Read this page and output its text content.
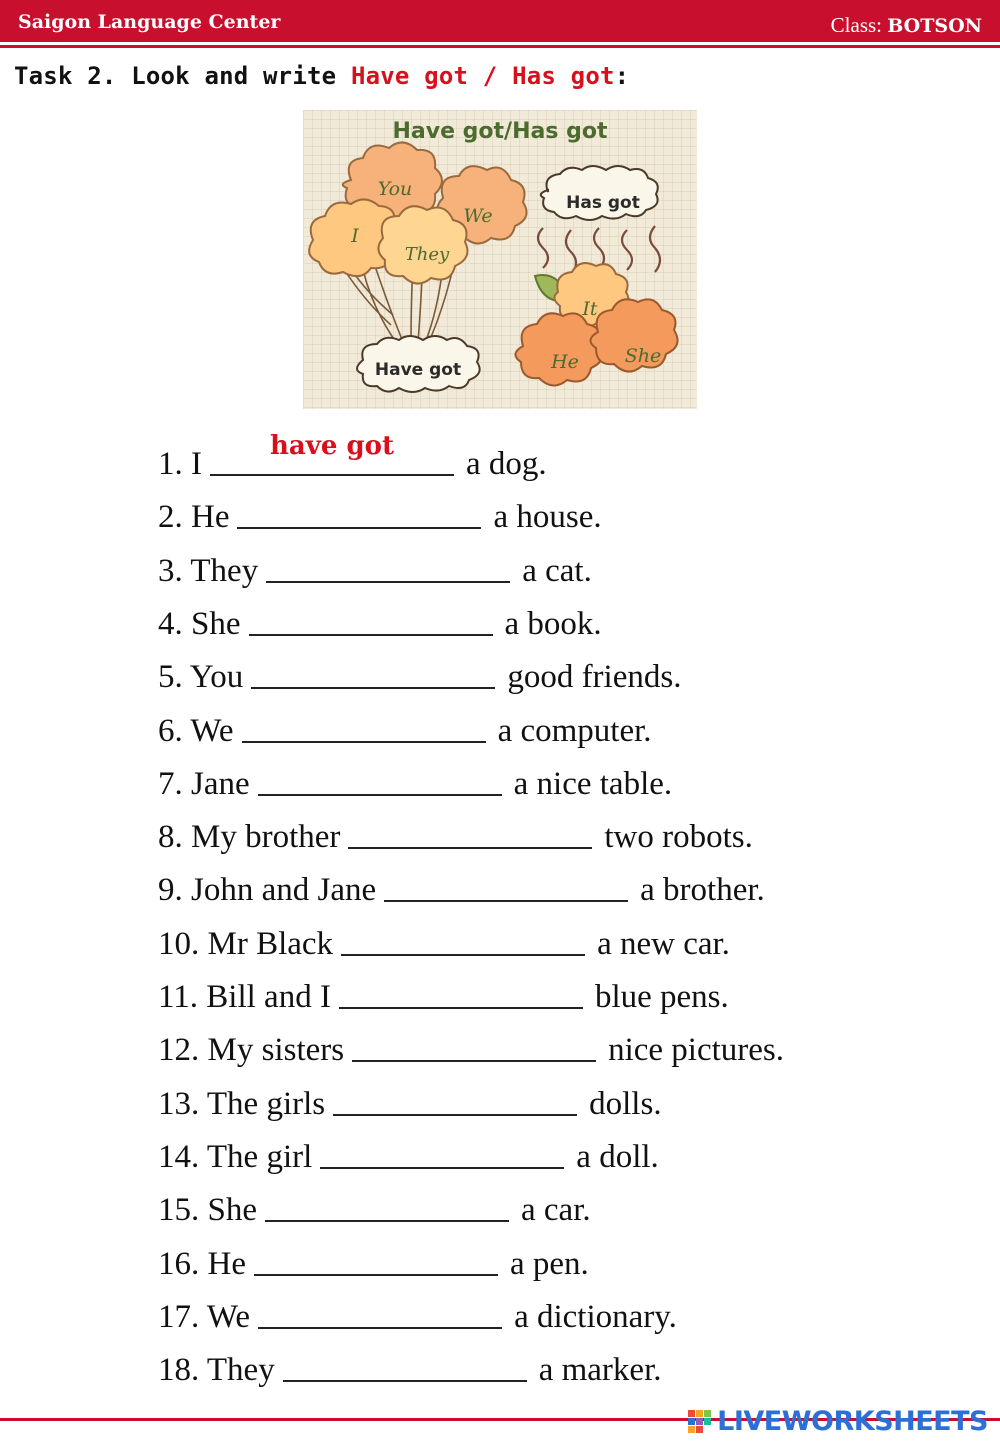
Saigon Language Center	Class: BOTSON
Task 2. Look and write Have got / Has got:
Have got/Has got
You
We
I
They
Have got
Has got
It
He She
1. I	have got	a dog.
2. He	a house.
3. They	a cat.
4. She	a book.
5. You	good friends.
6. We	a computer.
7. Jane	a nice table.
8. My brother	two robots.
9. John and Jane	a brother.
10. Mr Black	a new car.
11. Bill and I	blue pens.
12. My sisters	nice pictures.
13. The girls	dolls.
14. The girl	a doll.
15. She	a car.
16. He	a pen.
17. We	a dictionary.
18. They	a marker.
LIVEWORKSHEETS
